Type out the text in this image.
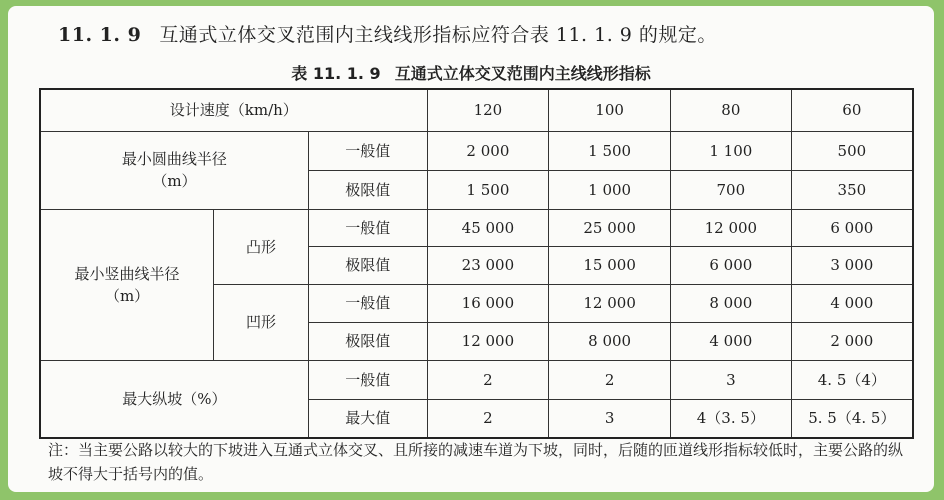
11. 1. 9 互通式立体交叉范围内主线线形指标应符合表 11. 1. 9 的规定。
表 11. 1. 9 互通式立体交叉范围内主线线形指标
设计速度（km/h）			120	100	80	60

最小圆曲线半径
（m）		一般值	2 000	1 500	1 100	500
		极限值	1 500	1 000	700	350

最小竖曲线半径
（m）	凸形	一般值	45 000	25 000	12 000	6 000
		极限值	23 000	15 000	6 000	3 000
	凹形	一般值	16 000	12 000	8 000	4 000
		极限值	12 000	8 000	4 000	2 000
最大纵坡（%）		一般值	2	2	3	4. 5（4）
		最大值	2	3	4（3. 5）	5. 5（4. 5）
注：当主要公路以较大的下坡进入互通式立体交叉、且所接的减速车道为下坡，同时，后随的匝道线形指标较低时，主要公路的纵坡不得大于括号内的值。
